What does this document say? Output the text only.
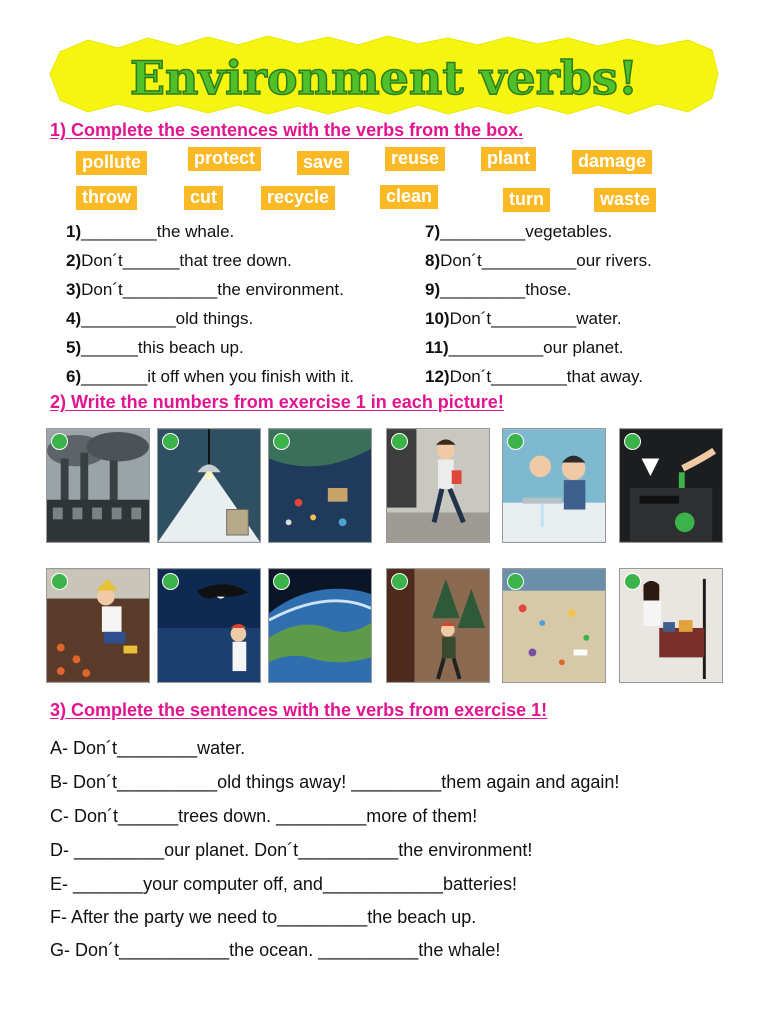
Environment verbs!
1) Complete the sentences with the verbs from the box.
pollute	protect	save	reuse	plant	damage
throw	cut	recycle	clean	turn	waste
1)________the whale.
2)Don´t______that tree down.
3)Don´t__________the environment.
4)__________old things.
5)______this beach up.
6)_______it off when you finish with it.
7)_________vegetables.
8)Don´t__________our rivers.
9)_________those.
10)Don´t_________water.
11)__________our planet.
12)Don´t________that away.
2) Write the numbers from exercise 1 in each picture!
3) Complete the sentences with the verbs from exercise 1!
A- Don´t________water.
B- Don´t__________old things away! _________them again and again!
C- Don´t______trees down. _________more of them!
D- _________our planet. Don´t__________the environment!
E- _______your computer off, and____________batteries!
F- After the party we need to_________the beach up.
G- Don´t___________the ocean. __________the whale!
